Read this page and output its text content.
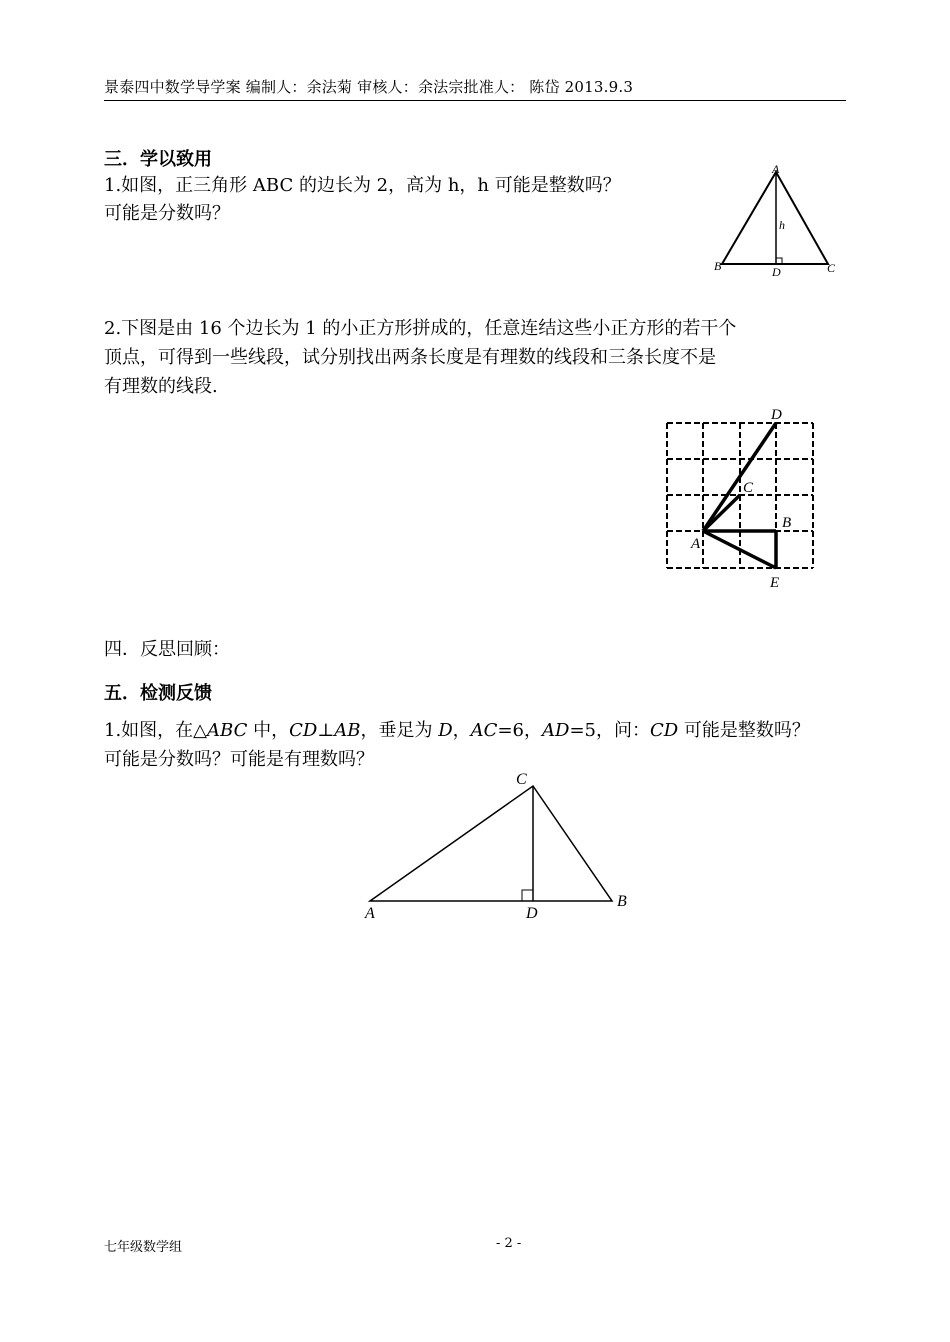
景泰四中数学导学案 编制人：余法菊 审核人：余法宗批准人： 陈岱 2013.9.3
三．学以致用
1.如图，正三角形 ABC 的边长为 2，高为 h，h 可能是整数吗？
可能是分数吗？
A
B	C
D
h
2.下图是由 16 个边长为 1 的小正方形拼成的，任意连结这些小正方形的若干个
顶点，可得到一些线段，试分别找出两条长度是有理数的线段和三条长度不是
有理数的线段.
A
B
C
D
E
四．反思回顾：
五．检测反馈
1.如图，在△ABC 中，CD⊥AB，垂足为 D，AC=6，AD=5，问：CD 可能是整数吗？
可能是分数吗？可能是有理数吗？
A
B
C
D
七年级数学组	- 2 -
